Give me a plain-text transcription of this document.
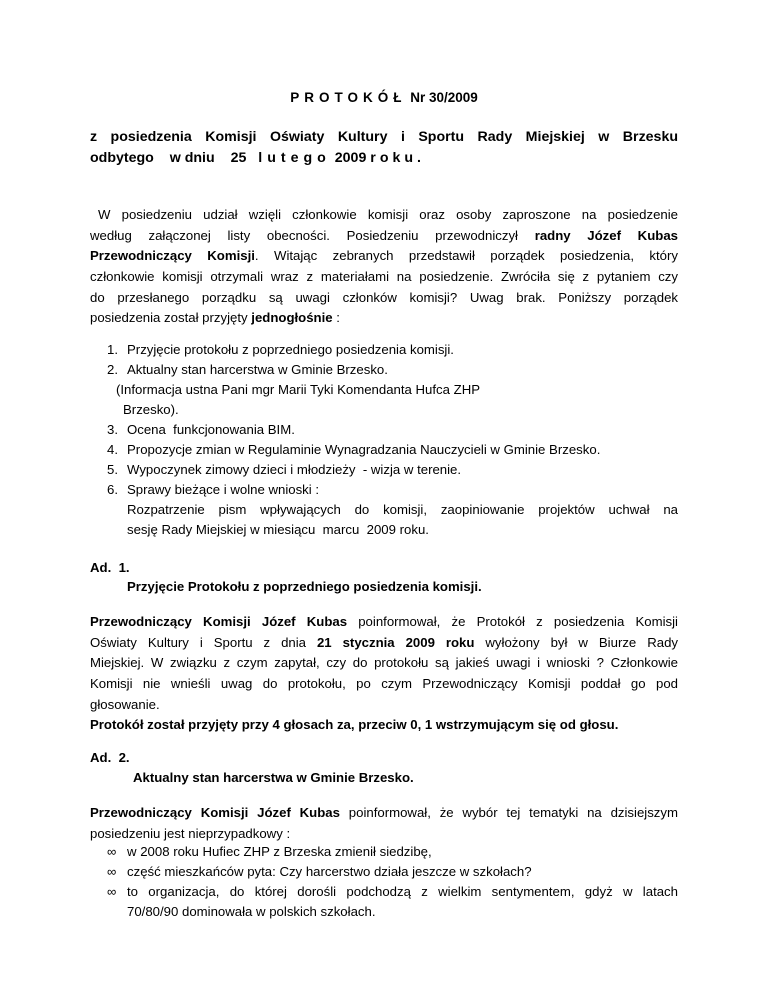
PROTOKÓŁ Nr 30/2009
z posiedzenia Komisji Oświaty Kultury i Sportu Rady Miejskiej w Brzesku
odbytego w dniu 25 lutego 2009 roku.
W posiedzeniu udział wzięli członkowie komisji oraz osoby zaproszone na posiedzenie
według załączonej listy obecności. Posiedzeniu przewodniczył radny Józef Kubas
Przewodniczący Komisji. Witając zebranych przedstawił porządek posiedzenia, który
członkowie komisji otrzymali wraz z materiałami na posiedzenie. Zwróciła się z pytaniem czy
do przesłanego porządku są uwagi członków komisji? Uwag brak. Poniższy porządek
posiedzenia został przyjęty jednogłośnie :
1. Przyjęcie protokołu z poprzedniego posiedzenia komisji.
2. Aktualny stan harcerstwa w Gminie Brzesko.
(Informacja ustna Pani mgr Marii Tyki Komendanta Hufca ZHP
Brzesko).
3. Ocena  funkcjonowania BIM.
4. Propozycje zmian w Regulaminie Wynagradzania Nauczycieli w Gminie Brzesko.
5. Wypoczynek zimowy dzieci i młodzieży  - wizja w terenie.
6. Sprawy bieżące i wolne wnioski :
Rozpatrzenie pism wpływających do komisji, zaopiniowanie projektów uchwał na
sesję Rady Miejskiej w miesiącu  marcu  2009 roku.
Ad.  1.
Przyjęcie Protokołu z poprzedniego posiedzenia komisji.
Przewodniczący Komisji Józef Kubas poinformował, że Protokół z posiedzenia Komisji
Oświaty Kultury i Sportu z dnia 21 stycznia 2009 roku wyłożony był w Biurze Rady
Miejskiej. W związku z czym zapytał, czy do protokołu są jakieś uwagi i wnioski ? Członkowie
Komisji nie wnieśli uwag do protokołu, po czym Przewodniczący Komisji poddał go pod
głosowanie.
Protokół został przyjęty przy 4 głosach za, przeciw 0, 1 wstrzymującym się od głosu.
Ad.  2.
Aktualny stan harcerstwa w Gminie Brzesko.
Przewodniczący Komisji Józef Kubas poinformował, że wybór tej tematyki na dzisiejszym
posiedzeniu jest nieprzypadkowy :
∞ w 2008 roku Hufiec ZHP z Brzeska zmienił siedzibę,
∞ część mieszkańców pyta: Czy harcerstwo działa jeszcze w szkołach?
∞ to organizacja, do której dorośli podchodzą z wielkim sentymentem, gdyż w latach
70/80/90 dominowała w polskich szkołach.
